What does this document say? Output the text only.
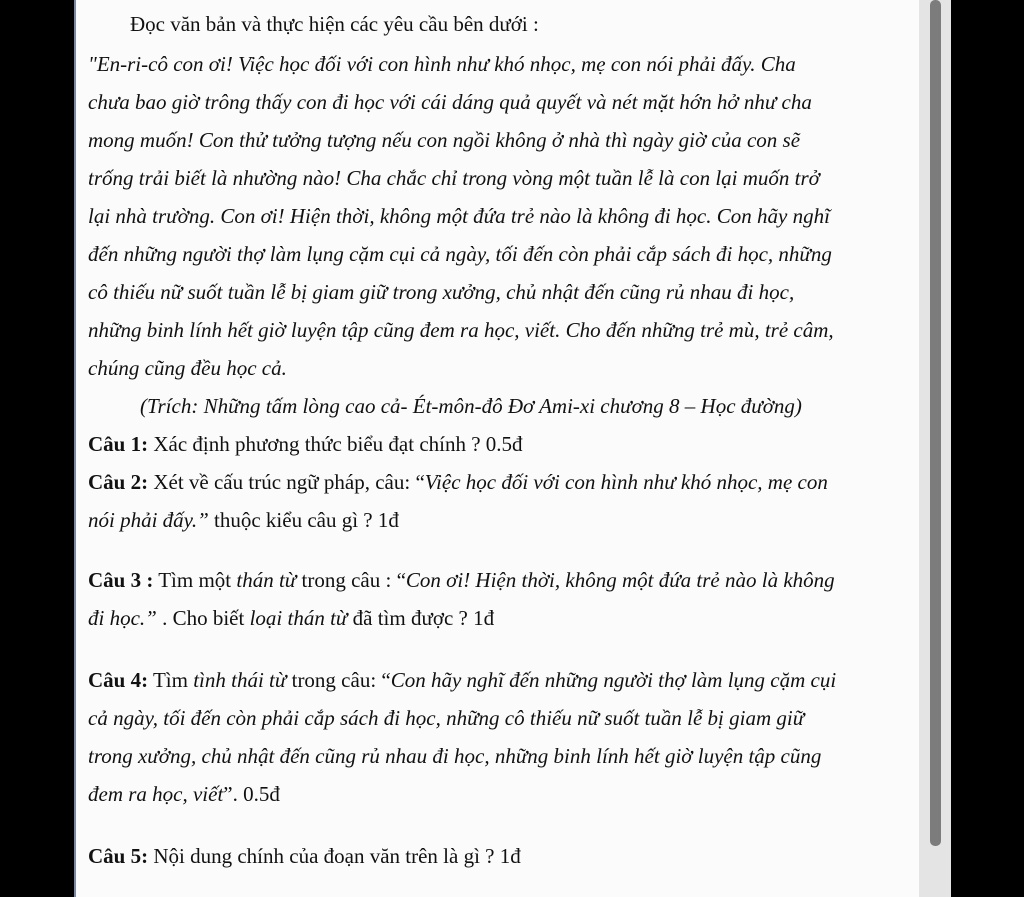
Đọc văn bản và thực hiện các yêu cầu bên dưới :
"En-ri-cô con ơi! Việc học đối với con hình như khó nhọc, mẹ con nói phải đấy. Cha
chưa bao giờ trông thấy con đi học với cái dáng quả quyết và nét mặt hớn hở như cha
mong muốn! Con thử tưởng tượng nếu con ngồi không ở nhà thì ngày giờ của con sẽ
trống trải biết là nhường nào! Cha chắc chỉ trong vòng một tuần lễ là con lại muốn trở
lại nhà trường. Con ơi! Hiện thời, không một đứa trẻ nào là không đi học. Con hãy nghĩ
đến những người thợ làm lụng cặm cụi cả ngày, tối đến còn phải cắp sách đi học, những
cô thiếu nữ suốt tuần lễ bị giam giữ trong xưởng, chủ nhật đến cũng rủ nhau đi học,
những binh lính hết giờ luyện tập cũng đem ra học, viết. Cho đến những trẻ mù, trẻ câm,
chúng cũng đều học cả.
(Trích: Những tấm lòng cao cả- Ét-môn-đô Đơ Ami-xi chương 8 – Học đường)
Câu 1: Xác định phương thức biểu đạt chính ? 0.5đ
Câu 2: Xét về cấu trúc ngữ pháp, câu: “Việc học đối với con hình như khó nhọc, mẹ con
nói phải đấy.” thuộc kiểu câu gì ? 1đ
Câu 3 : Tìm một thán từ trong câu : “Con ơi! Hiện thời, không một đứa trẻ nào là không
đi học.” . Cho biết loại thán từ đã tìm được ? 1đ
Câu 4: Tìm tình thái từ trong câu: “Con hãy nghĩ đến những người thợ làm lụng cặm cụi
cả ngày, tối đến còn phải cắp sách đi học, những cô thiếu nữ suốt tuần lễ bị giam giữ
trong xưởng, chủ nhật đến cũng rủ nhau đi học, những binh lính hết giờ luyện tập cũng
đem ra học, viết”. 0.5đ
Câu 5: Nội dung chính của đoạn văn trên là gì ? 1đ
